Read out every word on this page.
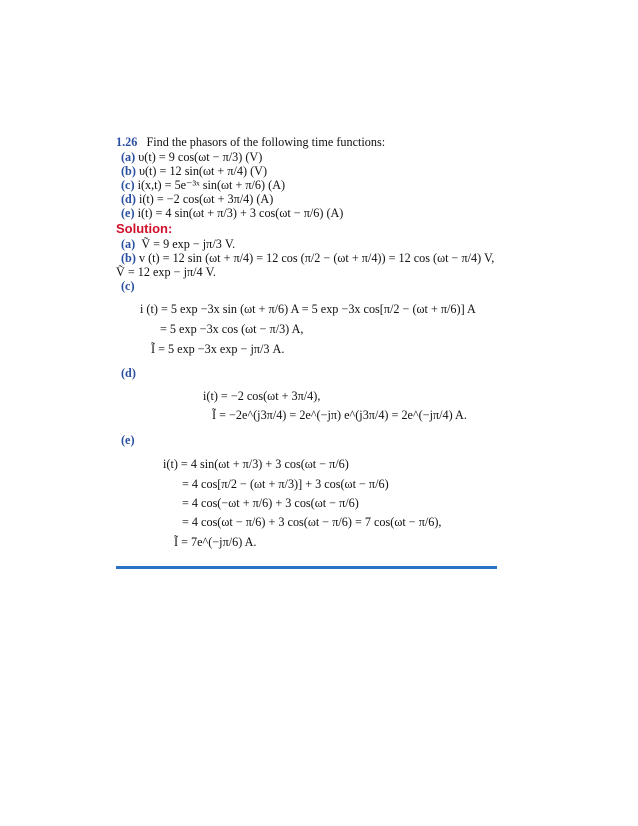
1.26 Find the phasors of the following time functions:
(a) υ(t) = 9 cos(ωt − π/3) (V)
(b) υ(t) = 12 sin(ωt + π/4) (V)
(c) i(x,t) = 5e⁻³ˣ sin(ωt + π/6) (A)
(d) i(t) = −2 cos(ωt + 3π/4) (A)
(e) i(t) = 4 sin(ωt + π/3) + 3 cos(ωt − π/6) (A)
Solution:
(a) Ṽ = 9 exp − jπ/3 V.
(b) v (t) = 12 sin (ωt + π/4) = 12 cos (π/2 − (ωt + π/4)) = 12 cos (ωt − π/4) V,
Ṽ = 12 exp − jπ/4 V.
(c)
i (t) = 5 exp −3x sin (ωt + π/6) A = 5 exp −3x cos[π/2 − (ωt + π/6)] A
= 5 exp −3x cos (ωt − π/3) A,
Ĩ = 5 exp −3x exp − jπ/3 A.
(d)
i(t) = −2 cos(ωt + 3π/4),
Ĩ = −2e^(j3π/4) = 2e^(−jπ) e^(j3π/4) = 2e^(−jπ/4) A.
(e)
i(t) = 4 sin(ωt + π/3) + 3 cos(ωt − π/6)
= 4 cos[π/2 − (ωt + π/3)] + 3 cos(ωt − π/6)
= 4 cos(−ωt + π/6) + 3 cos(ωt − π/6)
= 4 cos(ωt − π/6) + 3 cos(ωt − π/6) = 7 cos(ωt − π/6),
Ĩ = 7e^(−jπ/6) A.
